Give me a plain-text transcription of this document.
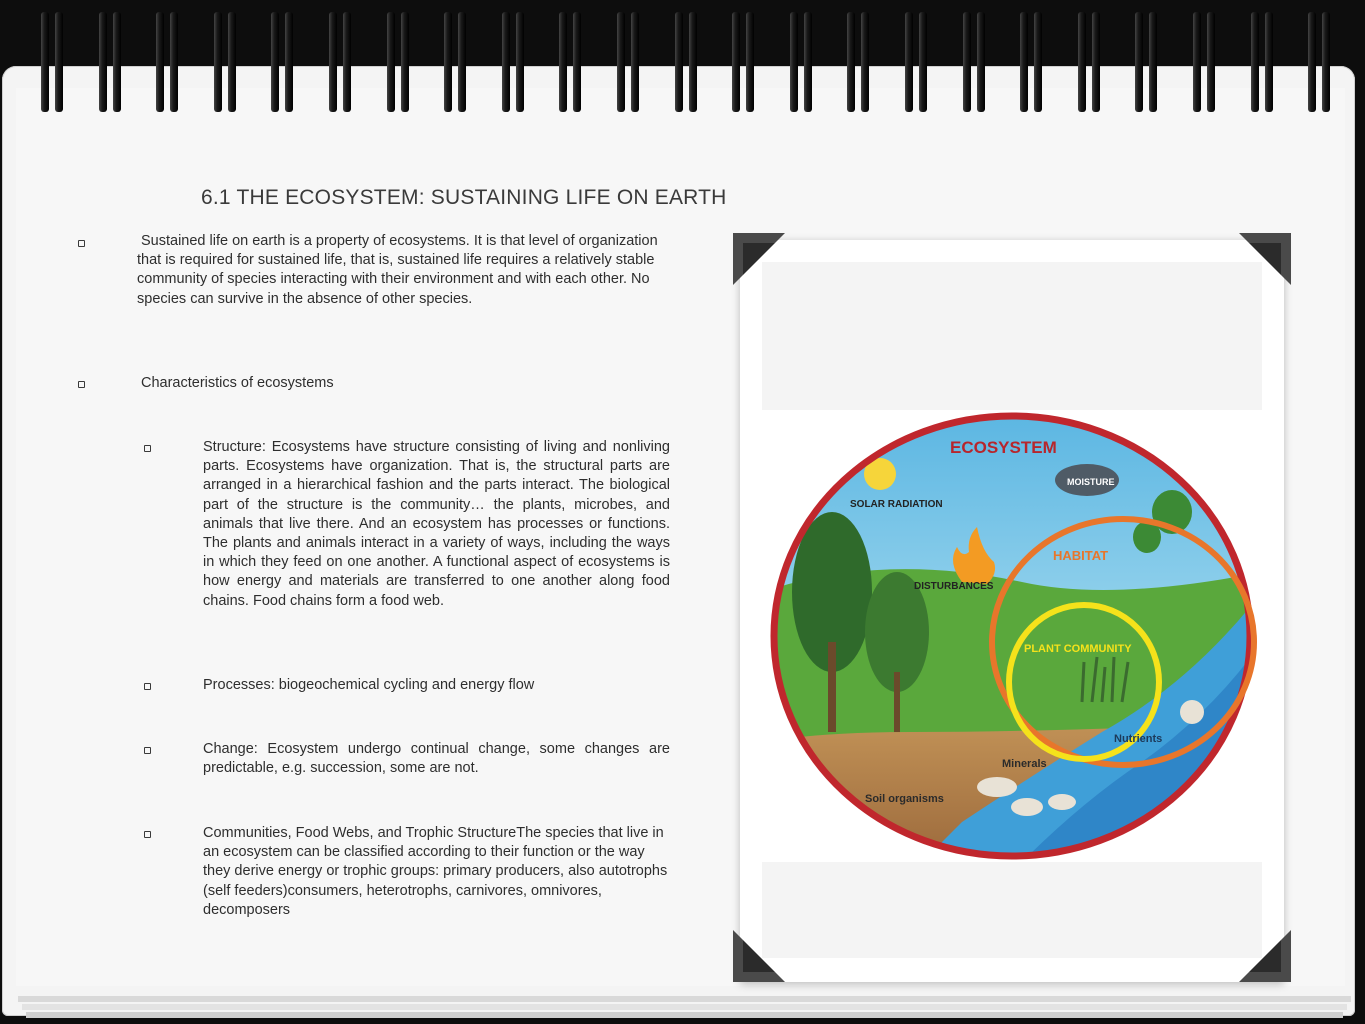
6.1 THE ECOSYSTEM: SUSTAINING LIFE ON EARTH
Sustained life on earth is a property of ecosystems. It is that level of organization that is required for sustained life, that is, sustained life requires a relatively stable community of species interacting with their environment and with each other. No species can survive in the absence of other species.
Characteristics of ecosystems
Structure: Ecosystems have structure consisting of living and nonliving parts. Ecosystems have organization. That is, the structural parts are arranged in a hierarchical fashion and the parts interact. The biological part of the structure is the community… the plants, microbes, and animals that live there. And an ecosystem has processes or functions. The plants and animals interact in a variety of ways, including the ways in which they feed on one another. A functional aspect of ecosystems is how energy and materials are transferred to one another along food chains. Food chains form a food web.
Processes: biogeochemical cycling and energy flow
Change: Ecosystem undergo continual change, some changes are predictable, e.g. succession, some are not.
Communities, Food Webs, and Trophic StructureThe species that live in an ecosystem can be classified according to their function or the way they derive energy or trophic groups: primary producers, also autotrophs (self feeders)consumers, heterotrophs, carnivores, omnivores, decomposers
ECOSYSTEM
SOLAR RADIATION
MOISTURE
HABITAT
DISTURBANCES
PLANT COMMUNITY
Nutrients
Minerals
Soil organisms
